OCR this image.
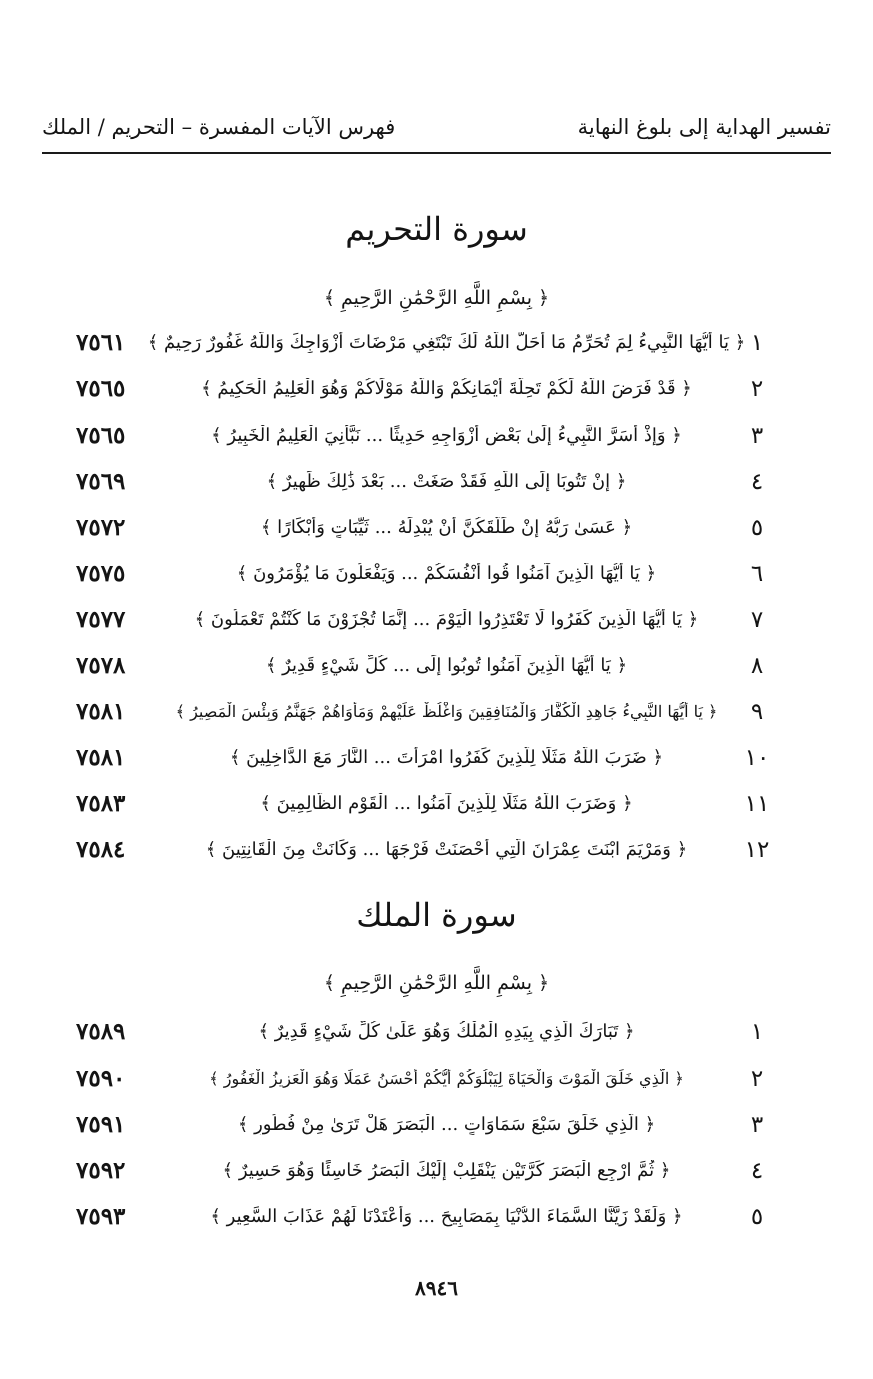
تفسير الهداية إلى بلوغ النهاية
فهرس الآيات المفسرة – التحريم / الملك
سورة التحريم
﴿ بِسْمِ اللَّهِ الرَّحْمَٰنِ الرَّحِيمِ ﴾
٧٥٦١	﴿ يَا أَيُّهَا النَّبِيءُ لِمَ تُحَرِّمُ مَا أَحَلَّ اللَّهُ لَكَ تَبْتَغِي مَرْضَاتَ أَزْوَاجِكَ وَاللَّهُ غَفُورٌ رَحِيمٌ ﴾ ١
٧٥٦٥	﴿ قَدْ فَرَضَ اللَّهُ لَكُمْ تَحِلَّةَ أَيْمَانِكُمْ وَاللَّهُ مَوْلَاكُمْ وَهُوَ الْعَلِيمُ الْحَكِيمُ ﴾	٢
٧٥٦٥	﴿ وَإِذْ أَسَرَّ النَّبِيءُ إِلَىٰ بَعْضِ أَزْوَاجِهِ حَدِيثًا ... نَبَّأَنِيَ الْعَلِيمُ الْخَبِيرُ ﴾	٣
٧٥٦٩	﴿ إِنْ تَتُوبَا إِلَى اللَّهِ فَقَدْ صَغَتْ ... بَعْدَ ذَٰلِكَ ظَهِيرٌ ﴾	٤
٧٥٧٢	﴿ عَسَىٰ رَبُّهُ إِنْ طَلَّقَكُنَّ أَنْ يُبْدِلَهُ ... ثَيِّبَاتٍ وَأَبْكَارًا ﴾	٥
٧٥٧٥	﴿ يَا أَيُّهَا الَّذِينَ آمَنُوا قُوا أَنْفُسَكُمْ ... وَيَفْعَلُونَ مَا يُؤْمَرُونَ ﴾	٦
٧٥٧٧	﴿ يَا أَيُّهَا الَّذِينَ كَفَرُوا لَا تَعْتَذِرُوا الْيَوْمَ ... إِنَّمَا تُجْزَوْنَ مَا كُنْتُمْ تَعْمَلُونَ ﴾	٧
٧٥٧٨	﴿ يَا أَيُّهَا الَّذِينَ آمَنُوا تُوبُوا إِلَى ... كُلِّ شَيْءٍ قَدِيرٌ ﴾	٨
٧٥٨١	﴿ يَا أَيُّهَا النَّبِيءُ جَاهِدِ الْكُفَّارَ وَالْمُنَافِقِينَ وَاغْلُظْ عَلَيْهِمْ وَمَأْوَاهُمْ جَهَنَّمُ وَبِئْسَ الْمَصِيرُ ﴾	٩
٧٥٨١	﴿ ضَرَبَ اللَّهُ مَثَلًا لِلَّذِينَ كَفَرُوا امْرَأَتَ ... النَّارَ مَعَ الدَّاخِلِينَ ﴾	١٠
٧٥٨٣	﴿ وَضَرَبَ اللَّهُ مَثَلًا لِلَّذِينَ آمَنُوا ... الْقَوْمِ الظَّالِمِينَ ﴾	١١
٧٥٨٤	﴿ وَمَرْيَمَ ابْنَتَ عِمْرَانَ الَّتِي أَحْصَنَتْ فَرْجَهَا ... وَكَانَتْ مِنَ الْقَانِتِينَ ﴾	١٢
سورة الملك
﴿ بِسْمِ اللَّهِ الرَّحْمَٰنِ الرَّحِيمِ ﴾
٧٥٨٩	﴿ تَبَارَكَ الَّذِي بِيَدِهِ الْمُلْكُ وَهُوَ عَلَىٰ كُلِّ شَيْءٍ قَدِيرٌ ﴾	١
٧٥٩٠	﴿ الَّذِي خَلَقَ الْمَوْتَ وَالْحَيَاةَ لِيَبْلُوَكُمْ أَيُّكُمْ أَحْسَنُ عَمَلًا وَهُوَ الْعَزِيزُ الْغَفُورُ ﴾	٢
٧٥٩١	﴿ الَّذِي خَلَقَ سَبْعَ سَمَاوَاتٍ ... الْبَصَرَ هَلْ تَرَىٰ مِنْ فُطُورٍ ﴾	٣
٧٥٩٢	﴿ ثُمَّ ارْجِعِ الْبَصَرَ كَرَّتَيْنِ يَنْقَلِبْ إِلَيْكَ الْبَصَرُ خَاسِئًا وَهُوَ حَسِيرٌ ﴾	٤
٧٥٩٣	﴿ وَلَقَدْ زَيَّنَّا السَّمَاءَ الدُّنْيَا بِمَصَابِيحَ ... وَأَعْتَدْنَا لَهُمْ عَذَابَ السَّعِيرِ ﴾	٥
٨٩٤٦
